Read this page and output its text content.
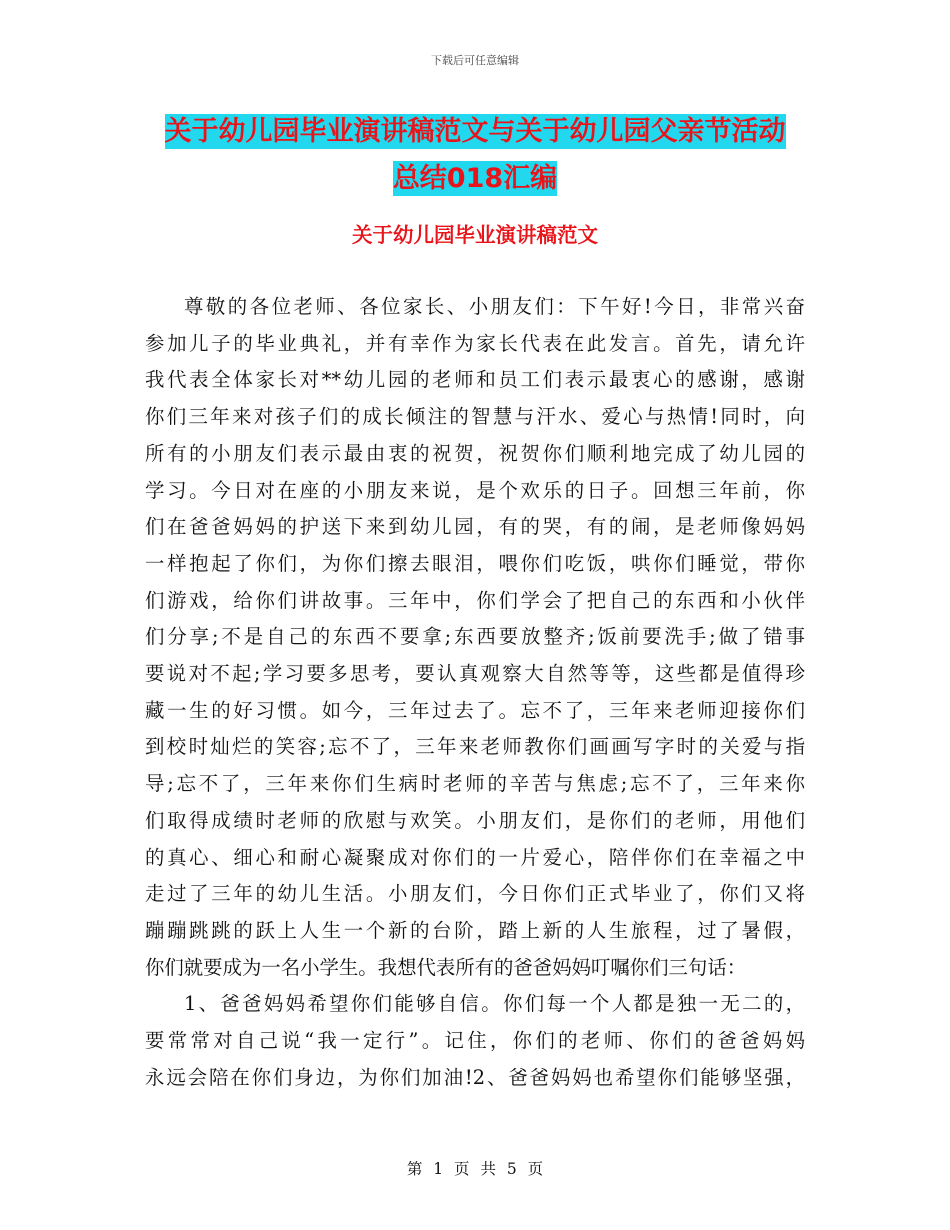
下载后可任意编辑
关于幼儿园毕业演讲稿范文与关于幼儿园父亲节活动
总结018汇编
关于幼儿园毕业演讲稿范文
尊敬的各位老师、各位家长、小朋友们：下午好!今日，非常兴奋
参加儿子的毕业典礼，并有幸作为家长代表在此发言。首先，请允许
我代表全体家长对**幼儿园的老师和员工们表示最衷心的感谢，感谢
你们三年来对孩子们的成长倾注的智慧与汗水、爱心与热情!同时，向
所有的小朋友们表示最由衷的祝贺，祝贺你们顺利地完成了幼儿园的
学习。今日对在座的小朋友来说，是个欢乐的日子。回想三年前，你
们在爸爸妈妈的护送下来到幼儿园，有的哭，有的闹，是老师像妈妈
一样抱起了你们，为你们擦去眼泪，喂你们吃饭，哄你们睡觉，带你
们游戏，给你们讲故事。三年中，你们学会了把自己的东西和小伙伴
们分享;不是自己的东西不要拿;东西要放整齐;饭前要洗手;做了错事
要说对不起;学习要多思考，要认真观察大自然等等，这些都是值得珍
藏一生的好习惯。如今，三年过去了。忘不了，三年来老师迎接你们
到校时灿烂的笑容;忘不了，三年来老师教你们画画写字时的关爱与指
导;忘不了，三年来你们生病时老师的辛苦与焦虑;忘不了，三年来你
们取得成绩时老师的欣慰与欢笑。小朋友们，是你们的老师，用他们
的真心、细心和耐心凝聚成对你们的一片爱心，陪伴你们在幸福之中
走过了三年的幼儿生活。小朋友们，今日你们正式毕业了，你们又将
蹦蹦跳跳的跃上人生一个新的台阶，踏上新的人生旅程，过了暑假，
你们就要成为一名小学生。我想代表所有的爸爸妈妈叮嘱你们三句话：
1、爸爸妈妈希望你们能够自信。你们每一个人都是独一无二的，
要常常对自己说“我一定行”。记住，你们的老师、你们的爸爸妈妈
永远会陪在你们身边，为你们加油!2、爸爸妈妈也希望你们能够坚强，
第 1 页 共 5 页
